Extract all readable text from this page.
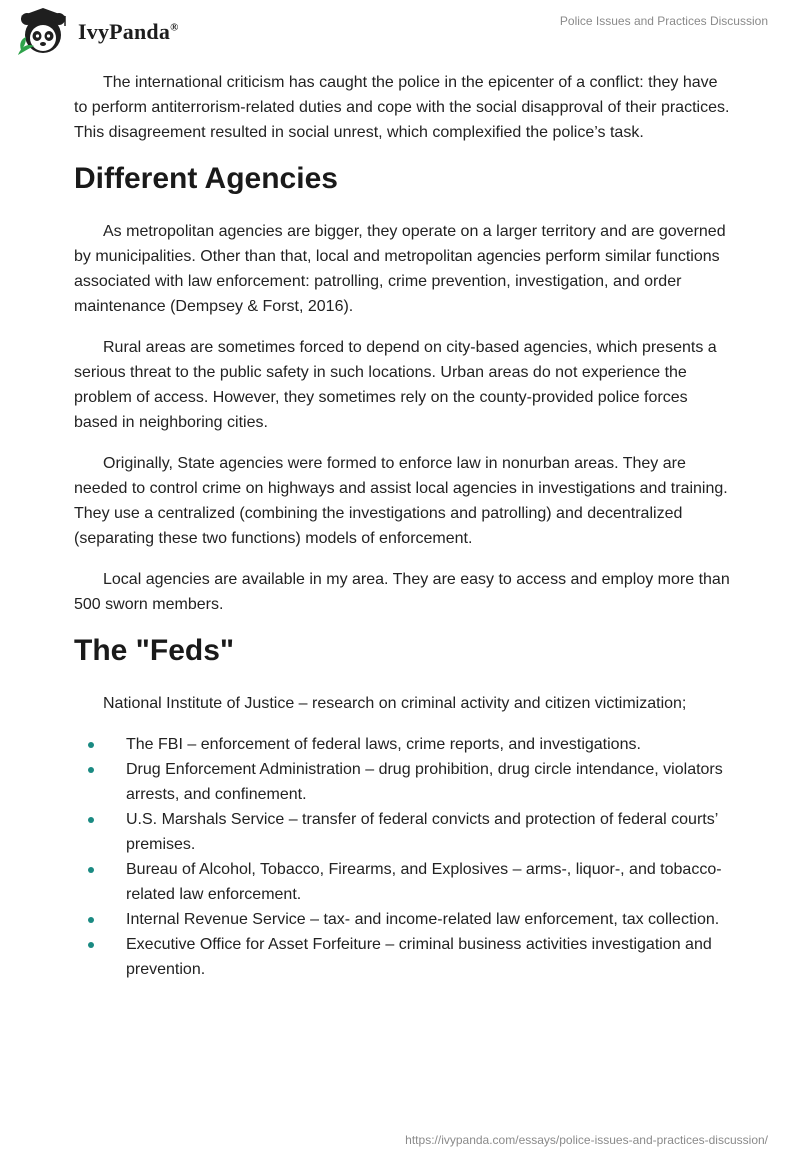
IvyPanda®	Police Issues and Practices Discussion

The international criticism has caught the police in the epicenter of a conflict: they have to perform antiterrorism-related duties and cope with the social disapproval of their practices. This disagreement resulted in social unrest, which complexified the police’s task.

Different Agencies

As metropolitan agencies are bigger, they operate on a larger territory and are governed by municipalities. Other than that, local and metropolitan agencies perform similar functions associated with law enforcement: patrolling, crime prevention, investigation, and order maintenance (Dempsey & Forst, 2016).

Rural areas are sometimes forced to depend on city-based agencies, which presents a serious threat to the public safety in such locations. Urban areas do not experience the problem of access. However, they sometimes rely on the county-provided police forces based in neighboring cities.

Originally, State agencies were formed to enforce law in nonurban areas. They are needed to control crime on highways and assist local agencies in investigations and training. They use a centralized (combining the investigations and patrolling) and decentralized (separating these two functions) models of enforcement.

Local agencies are available in my area. They are easy to access and employ more than 500 sworn members.

The "Feds"

National Institute of Justice – research on criminal activity and citizen victimization;

The FBI – enforcement of federal laws, crime reports, and investigations.
Drug Enforcement Administration – drug prohibition, drug circle intendance, violators arrests, and confinement.
U.S. Marshals Service – transfer of federal convicts and protection of federal courts’ premises.
Bureau of Alcohol, Tobacco, Firearms, and Explosives – arms-, liquor-, and tobacco-related law enforcement.
Internal Revenue Service – tax- and income-related law enforcement, tax collection.
Executive Office for Asset Forfeiture – criminal business activities investigation and prevention.
https://ivypanda.com/essays/police-issues-and-practices-discussion/
